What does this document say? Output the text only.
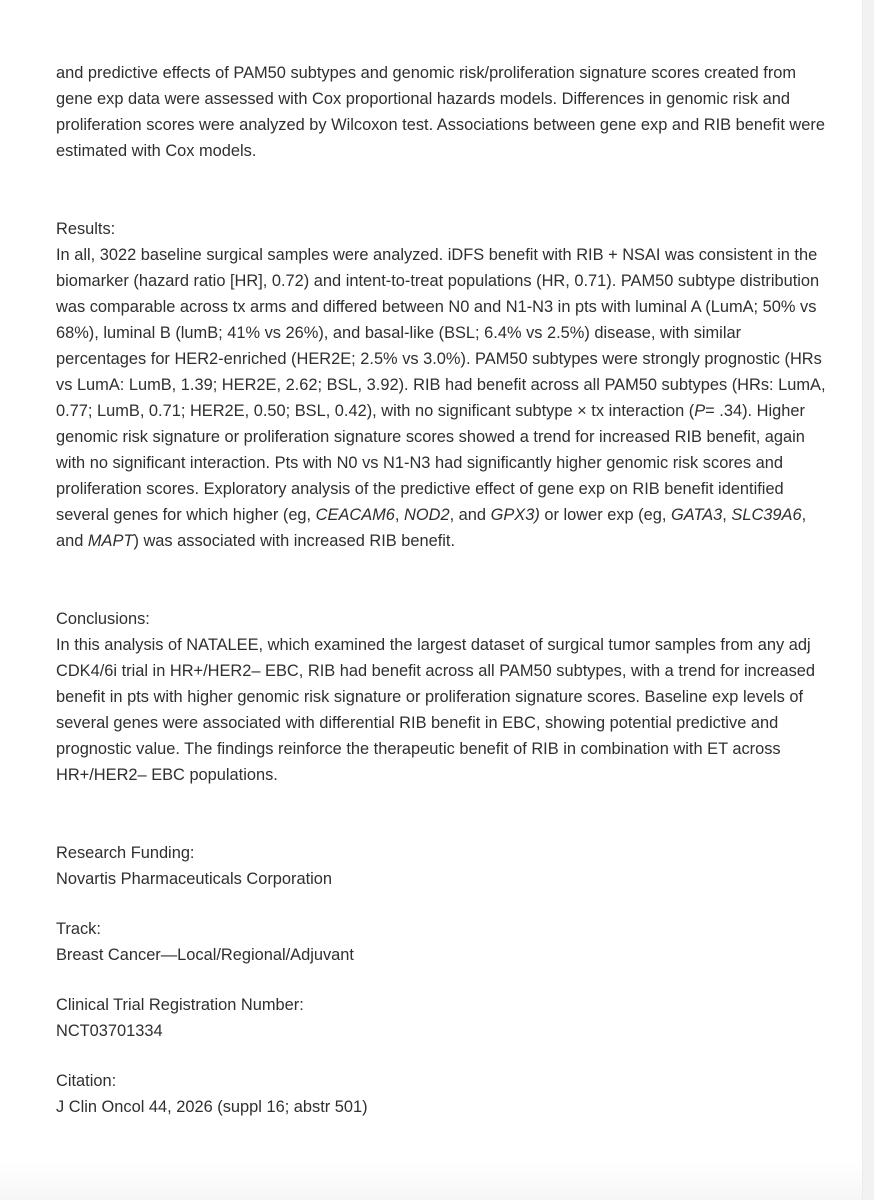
and predictive effects of PAM50 subtypes and genomic risk/proliferation signature scores created from gene exp data were assessed with Cox proportional hazards models. Differences in genomic risk and proliferation scores were analyzed by Wilcoxon test. Associations between gene exp and RIB benefit were estimated with Cox models.

Results:

In all, 3022 baseline surgical samples were analyzed. iDFS benefit with RIB + NSAI was consistent in the biomarker (hazard ratio [HR], 0.72) and intent-to-treat populations (HR, 0.71). PAM50 subtype distribution was comparable across tx arms and differed between N0 and N1-N3 in pts with luminal A (LumA; 50% vs 68%), luminal B (lumB; 41% vs 26%), and basal-like (BSL; 6.4% vs 2.5%) disease, with similar percentages for HER2-enriched (HER2E; 2.5% vs 3.0%). PAM50 subtypes were strongly prognostic (HRs vs LumA: LumB, 1.39; HER2E, 2.62; BSL, 3.92). RIB had benefit across all PAM50 subtypes (HRs: LumA, 0.77; LumB, 0.71; HER2E, 0.50; BSL, 0.42), with no significant subtype × tx interaction (P= .34). Higher genomic risk signature or proliferation signature scores showed a trend for increased RIB benefit, again with no significant interaction. Pts with N0 vs N1-N3 had significantly higher genomic risk scores and proliferation scores. Exploratory analysis of the predictive effect of gene exp on RIB benefit identified several genes for which higher (eg, CEACAM6, NOD2, and GPX3) or lower exp (eg, GATA3, SLC39A6, and MAPT) was associated with increased RIB benefit.

Conclusions:

In this analysis of NATALEE, which examined the largest dataset of surgical tumor samples from any adj CDK4/6i trial in HR+/HER2– EBC, RIB had benefit across all PAM50 subtypes, with a trend for increased benefit in pts with higher genomic risk signature or proliferation signature scores. Baseline exp levels of several genes were associated with differential RIB benefit in EBC, showing potential predictive and prognostic value. The findings reinforce the therapeutic benefit of RIB in combination with ET across HR+/HER2– EBC populations.

Research Funding:

Novartis Pharmaceuticals Corporation

Track:

Breast Cancer—Local/Regional/Adjuvant

Clinical Trial Registration Number:

NCT03701334

Citation:

J Clin Oncol 44, 2026 (suppl 16; abstr 501)
